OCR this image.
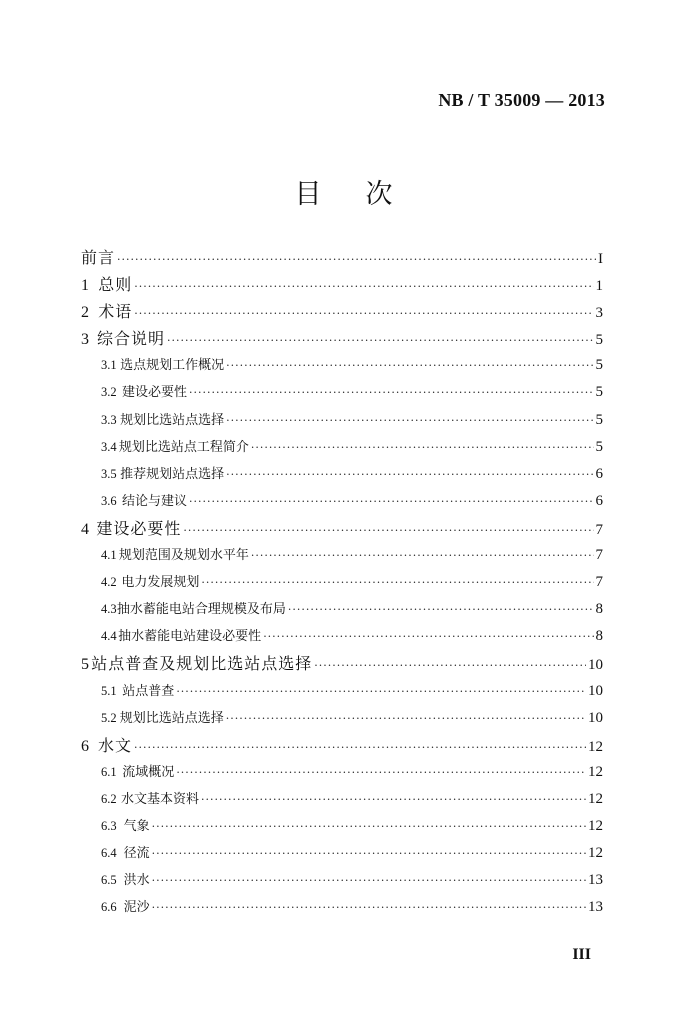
NB / T 35009 — 2013
目次
前言 ·····	I
1 总则 ·····	1
2 术语 ·····	3
3 综合说明 ·····	5
3.1 选点规划工作概况 ·····	5
3.2 建设必要性 ·····	5
3.3 规划比选站点选择 ·····	5
3.4 规划比选站点工程简介 ·····	5
3.5 推荐规划站点选择 ·····	6
3.6 结论与建议 ·····	6
4 建设必要性 ·····	7
4.1 规划范围及规划水平年 ·····	7
4.2 电力发展规划 ·····	7
4.3 抽水蓄能电站合理规模及布局 ·····	8
4.4 抽水蓄能电站建设必要性 ·····	8
5 站点普查及规划比选站点选择 ·····	10
5.1 站点普查 ·····	10
5.2 规划比选站点选择 ·····	10
6 水文 ·····	12
6.1 流域概况 ·····	12
6.2 水文基本资料 ·····	12
6.3 气象 ·····	12
6.4 径流 ·····	12
6.5 洪水 ·····	13
6.6 泥沙 ·····	13
III
